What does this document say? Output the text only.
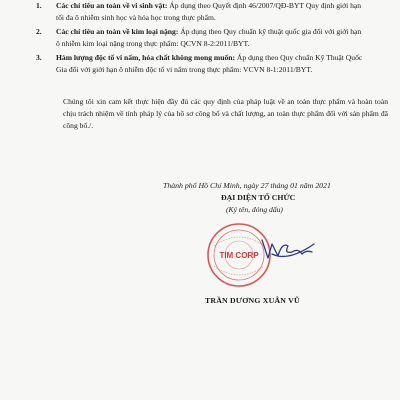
1. Các chỉ tiêu an toàn về vi sinh vật: Áp dụng theo Quyết định 46/2007/QĐ-BYT Quy định giới hạn
tối đa ô nhiễm sinh học và hóa học trong thực phẩm.
2. Các chỉ tiêu an toàn về kim loại nặng: Áp dụng theo Quy chuẩn kỹ thuật quốc gia đối với giới hạn
ô nhiễm kim loại nặng trong thực phẩm: QCVN 8-2:2011/BYT.
3. Hàm lượng độc tố vi nấm, hóa chất không mong muốn: Áp dụng theo Quy chuẩn Kỹ Thuật Quốc
Gia đối với giới hạn ô nhiễm độc tố vi nấm trong thực phẩm: VCVN 8-1:2011/BYT.

Chúng tôi xin cam kết thực hiện đầy đủ các quy định của pháp luật về an toàn thực phẩm và hoàn toàn chịu trách nhiệm về tính pháp lý của hồ sơ công bố và chất lượng, an toàn thực phẩm đối với sản phẩm đã công bố./.

Thành phố Hồ Chí Minh, ngày 27 tháng 01 năm 2021
ĐẠI DIỆN TỔ CHỨC
(Ký tên, đóng dấu)
TIM CORP
TRẦN DƯƠNG XUÂN VŨ
